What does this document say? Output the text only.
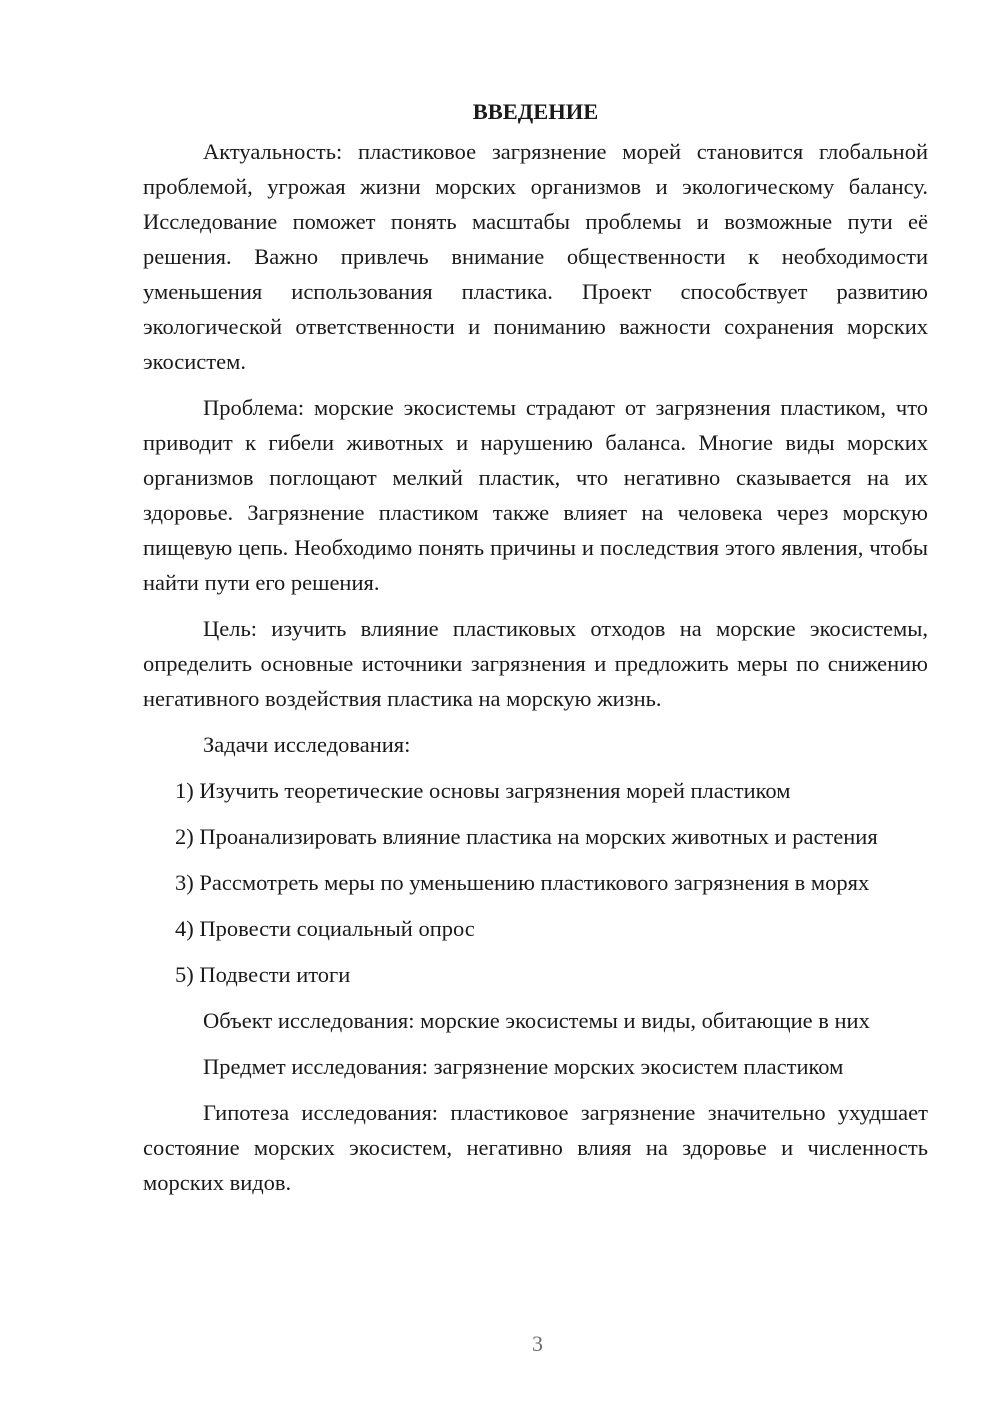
ВВЕДЕНИЕ

Актуальность: пластиковое загрязнение морей становится глобальной проблемой, угрожая жизни морских организмов и экологическому балансу. Исследование поможет понять масштабы проблемы и возможные пути её решения. Важно привлечь внимание общественности к необходимости уменьшения использования пластика. Проект способствует развитию экологической ответственности и пониманию важности сохранения морских экосистем.

Проблема: морские экосистемы страдают от загрязнения пластиком, что приводит к гибели животных и нарушению баланса. Многие виды морских организмов поглощают мелкий пластик, что негативно сказывается на их здоровье. Загрязнение пластиком также влияет на человека через морскую пищевую цепь. Необходимо понять причины и последствия этого явления, чтобы найти пути его решения.

Цель: изучить влияние пластиковых отходов на морские экосистемы, определить основные источники загрязнения и предложить меры по снижению негативного воздействия пластика на морскую жизнь.

Задачи исследования:

1) Изучить теоретические основы загрязнения морей пластиком

2) Проанализировать влияние пластика на морских животных и растения

3) Рассмотреть меры по уменьшению пластикового загрязнения в морях

4) Провести социальный опрос

5) Подвести итоги

Объект исследования: морские экосистемы и виды, обитающие в них

Предмет исследования: загрязнение морских экосистем пластиком

Гипотеза исследования: пластиковое загрязнение значительно ухудшает состояние морских экосистем, негативно влияя на здоровье и численность морских видов.

3
